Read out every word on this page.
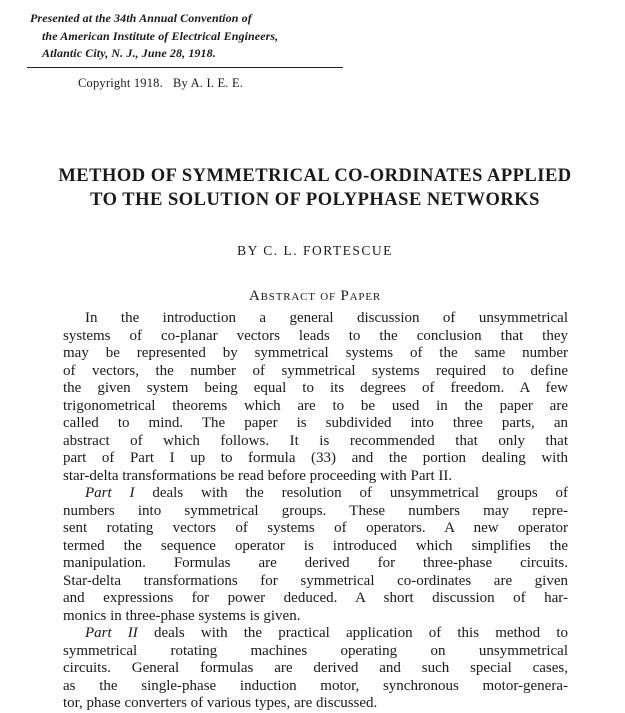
Presented at the 34th Annual Convention of
the American Institute of Electrical Engineers,
Atlantic City, N. J., June 28, 1918.
Copyright 1918. By A. I. E. E.
METHOD OF SYMMETRICAL CO-ORDINATES APPLIED
TO THE SOLUTION OF POLYPHASE NETWORKS
BY C. L. FORTESCUE
Abstract of Paper
In the introduction a general discussion of unsymmetrical
systems of co-planar vectors leads to the conclusion that they
may be represented by symmetrical systems of the same number
of vectors, the number of symmetrical systems required to define
the given system being equal to its degrees of freedom. A few
trigonometrical theorems which are to be used in the paper are
called to mind. The paper is subdivided into three parts, an
abstract of which follows. It is recommended that only that
part of Part I up to formula (33) and the portion dealing with
star-delta transformations be read before proceeding with Part II.
Part I deals with the resolution of unsymmetrical groups of
numbers into symmetrical groups. These numbers may repre-
sent rotating vectors of systems of operators. A new operator
termed the sequence operator is introduced which simplifies the
manipulation. Formulas are derived for three-phase circuits.
Star-delta transformations for symmetrical co-ordinates are given
and expressions for power deduced. A short discussion of har-
monics in three-phase systems is given.
Part II deals with the practical application of this method to
symmetrical rotating machines operating on unsymmetrical
circuits. General formulas are derived and such special cases,
as the single-phase induction motor, synchronous motor-genera-
tor, phase converters of various types, are discussed.
